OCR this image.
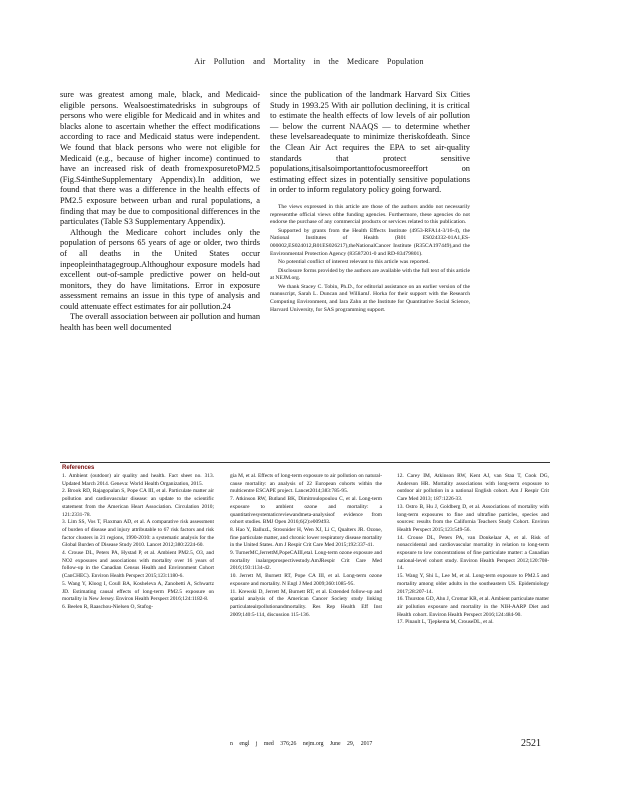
Air Pollution and Mortality in the Medicare Population

sure was greatest among male, black, and Medicaid-eligible persons. Wealsoestimatedrisks in subgroups of persons who were eligible for Medicaid and in whites and blacks alone to ascertain whether the effect modifications according to race and Medicaid status were independent. We found that black persons who were not eligible for Medicaid (e.g., because of higher income) continued to have an increased risk of death fromexposuretoPM2.5 (Fig.S4intheSupplementary Appendix).In addition, we found that there was a difference in the health effects of PM2.5 exposure between urban and rural populations, a finding that may be due to compositional differences in the particulates (Table S3 Supplementary Appendix).

Although the Medicare cohort includes only the population of persons 65 years of age or older, two thirds of all deaths in the United States occur inpeopleinthatagegroup.Althoughour exposure models had excellent out-of-sample predictive power on held-out monitors, they do have limitations. Error in exposure assessment remains an issue in this type of analysis and could attenuate effect estimates for air pollution.24

The overall association between air pollution and human health has been well documented

since the publication of the landmark Harvard Six Cities Study in 1993.25 With air pollution declining, it is critical to estimate the health effects of low levels of air pollution — below the current NAAQS — to determine whether these levelsareadequate to minimize theriskofdeath. Since the Clean Air Act requires the EPA to set air-quality standards that protect sensitive populations,itisalsoimportanttofocusmoreeffort on estimating effect sizes in potentially sensitive populations in order to inform regulatory policy going forward.

The views expressed in this article are those of the authors anddo not necessarily representthe official views ofthe funding agencies. Furthermore, these agencies do not endorse the purchase of any commercial products or services related to this publication.

Supported by grants from the Health Effects Institute (4953-RFA14-3/16-4), the National Institutes of Health (R01 ES024332-01A1,ES-000002,ES024012,R01ES026217),theNationalCancer Institute (R35CA197449),and the Environmental Protection Agency (83587201-0 and RD-83479801).

No potential conflict of interest relevant to this article was reported.

Disclosure forms provided by the authors are available with the full text of this article at NEJM.org.

We thank Stacey C. Tobin, Ph.D., for editorial assistance on an earlier version of the manuscript, Sarah L. Duncan and WilliamJ. Horka for their support with the Research Computing Environment, and Iara Zahn at the Institute for Quantitative Social Science, Harvard University, for SAS programming support.

References

1. Ambient (outdoor) air quality and health. Fact sheet no. 313. Updated March 2014. Geneva: World Health Organization, 2015.

2. Brook RD, Rajagopalan S, Pope CA III, et al. Particulate matter air pollution and cardiovascular disease: an update to the scientific statement from the American Heart Association. Circulation 2010; 121:2331-78.

3. Lim SS, Vos T, Flaxman AD, et al. A comparative risk assessment of burden of disease and injury attributable to 67 risk factors and risk factor clusters in 21 regions, 1990-2010: a systematic analysis for the Global Burden of Disease Study 2010. Lancet 2012;380:2224-60.

4. Crouse DL, Peters PA, Hystad P, et al. Ambient PM2.5, O3, and NO2 exposures and associations with mortality over 16 years of follow-up in the Canadian Census Health and Environment Cohort (CanCHEC). Environ Health Perspect 2015;123:1180-6.

5. Wang Y, Kloog I, Coull BA, Kosheleva A, Zanobetti A, Schwartz JD. Estimating causal effects of long-term PM2.5 exposure on mortality in New Jersey. Environ Health Perspect 2016;124:1182-8.

6. Beelen R, Raaschou-Nielsen O, Stafog-

gia M, et al. Effects of long-term exposure to air pollution on natural-cause mortality: an analysis of 22 European cohorts within the multicentre ESCAPE project. Lancet2014;383:785-95.

7. Atkinson RW, Butland BK, Dimitroulopoulou C, et al. Long-term exposure to ambient ozone and mortality: a quantitativesystematicreviewandmeta-analysisof evidence from cohort studies. BMJ Open 2016;6(2):e009493.

8. Hao Y, BalluzL, Strosnider H, Wen XJ, Li C, Qualters JR. Ozone, fine particulate matter, and chronic lower respiratory disease mortality in the United States. Am J Respir Crit Care Med 2015;192:337-41.

9. TurnerMC,JerrettM,PopeCAIII,etal. Long-term ozone exposure and mortality inalargeprospectivestudy.AmJRespir Crit Care Med 2016;193:1134-42.

10. Jerrett M, Burnett RT, Pope CA III, et al. Long-term ozone exposure and mortality. N Engl J Med 2009;360:1085-95.

11. Krewski D, Jerrett M, Burnett RT, et al. Extended follow-up and spatial analysis of the American Cancer Society study linking particulateairpollutionandmortality. Res Rep Health Eff Inst 2009;140:5-114, discussion 115-136.

12. Carey IM, Atkinson RW, Kent AJ, van Staa T, Cook DG, Anderson HR. Mortality associations with long-term exposure to outdoor air pollution in a national English cohort. Am J Respir Crit Care Med 2013; 187:1226-33.

13. Ostro B, Hu J, Goldberg D, et al. Associations of mortality with long-term exposures to fine and ultrafine particles, species and sources: results from the California Teachers Study Cohort. Environ Health Perspect 2015;123:549-56.

14. Crouse DL, Peters PA, van Donkelaar A, et al. Risk of nonaccidental and cardiovascular mortality in relation to long-term exposure to low concentrations of fine particulate matter: a Canadian national-level cohort study. Environ Health Perspect 2012;120:708-14.

15. Wang Y, Shi L, Lee M, et al. Long-term exposure to PM2.5 and mortality among older adults in the southeastern US. Epidemiology 2017;28:207-14.

16. Thurston GD, Ahn J, Cromar KR, et al. Ambient particulate matter air pollution exposure and mortality in the NIH-AARP Diet and Health cohort. Environ Health Perspect 2016;124:484-90.

17. Pinault L, Tjepkema M, CrouseDL, et al.

n engl j med 376;26 nejm.org June 29, 2017	2521
